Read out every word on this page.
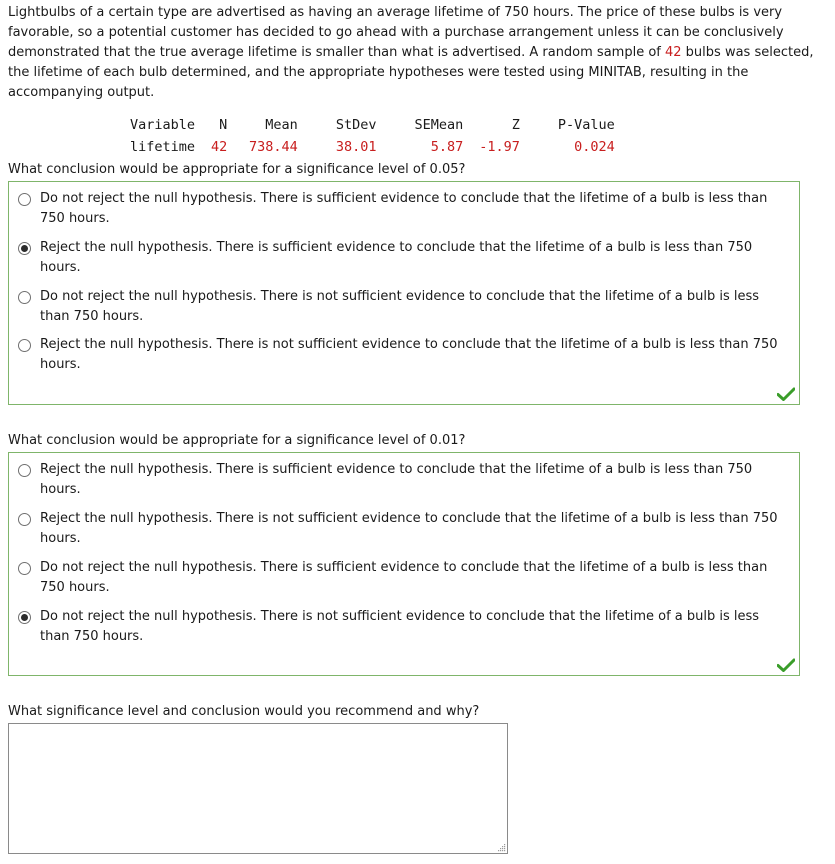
Lightbulbs of a certain type are advertised as having an average lifetime of 750 hours. The price of these bulbs is very favorable, so a potential customer has decided to go ahead with a purchase arrangement unless it can be conclusively demonstrated that the true average lifetime is smaller than what is advertised. A random sample of 42 bulbs was selected, the lifetime of each bulb determined, and the appropriate hypotheses were tested using MINITAB, resulting in the accompanying output.
Variable	N	Mean	StDev	SEMean	Z	P-Value
lifetime	42	738.44	38.01	5.87	-1.97	0.024
What conclusion would be appropriate for a significance level of 0.05?
Do not reject the null hypothesis. There is sufficient evidence to conclude that the lifetime of a bulb is less than 750 hours.
Reject the null hypothesis. There is sufficient evidence to conclude that the lifetime of a bulb is less than 750 hours.
Do not reject the null hypothesis. There is not sufficient evidence to conclude that the lifetime of a bulb is less than 750 hours.
Reject the null hypothesis. There is not sufficient evidence to conclude that the lifetime of a bulb is less than 750 hours.
What conclusion would be appropriate for a significance level of 0.01?
Reject the null hypothesis. There is sufficient evidence to conclude that the lifetime of a bulb is less than 750 hours.
Reject the null hypothesis. There is not sufficient evidence to conclude that the lifetime of a bulb is less than 750 hours.
Do not reject the null hypothesis. There is sufficient evidence to conclude that the lifetime of a bulb is less than 750 hours.
Do not reject the null hypothesis. There is not sufficient evidence to conclude that the lifetime of a bulb is less than 750 hours.
What significance level and conclusion would you recommend and why?
